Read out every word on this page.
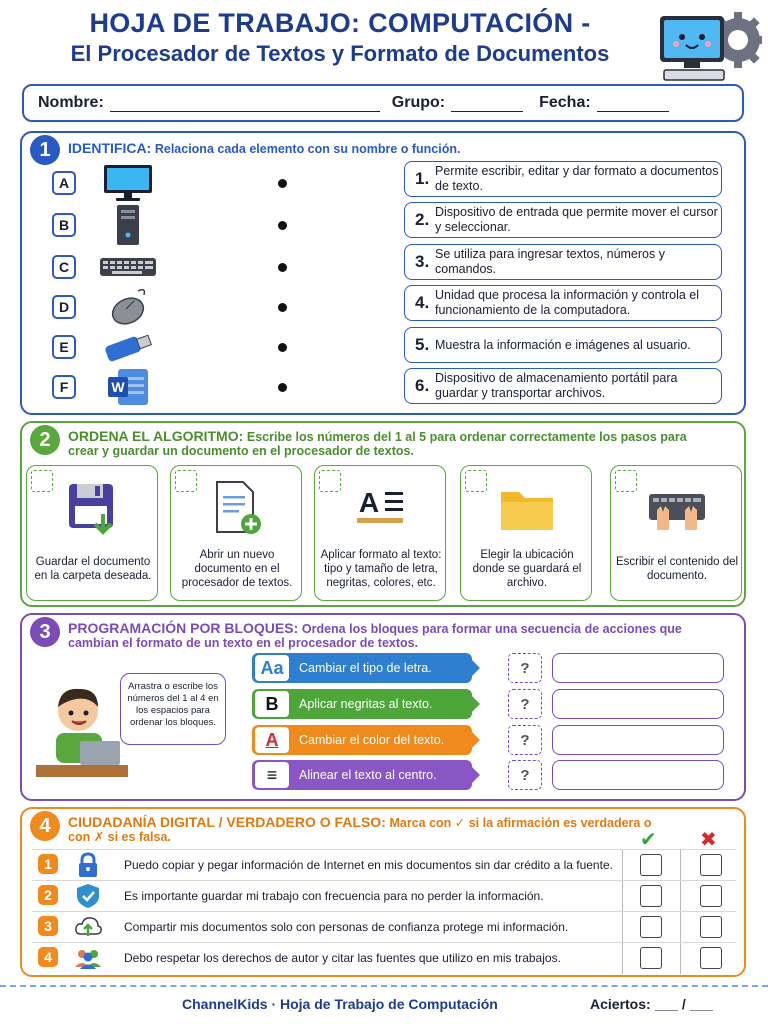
HOJA DE TRABAJO: COMPUTACIÓN -
El Procesador de Textos y Formato de Documentos
Nombre:	Grupo:	Fecha:
1	IDENTIFICA: Relaciona cada elemento con su nombre o función.
A
B
C
D
E
F	W
1. Permite escribir, editar y dar formato a documentos de texto.
2. Dispositivo de entrada que permite mover el cursor y seleccionar.
3. Se utiliza para ingresar textos, números y comandos.
4. Unidad que procesa la información y controla el funcionamiento de la computadora.
5. Muestra la información e imágenes al usuario.
6. Dispositivo de almacenamiento portátil para guardar y transportar archivos.
2	ORDENA EL ALGORITMO: Escribe los números del 1 al 5 para ordenar correctamente los pasos para crear y guardar un documento en el procesador de textos.
Guardar el documento en la carpeta deseada.
Abrir un nuevo documento en el procesador de textos.
A
Aplicar formato al texto: tipo y tamaño de letra, negritas, colores, etc.
Elegir la ubicación donde se guardará el archivo.
Escribir el contenido del documento.
3	PROGRAMACIÓN POR BLOQUES: Ordena los bloques para formar una secuencia de acciones que cambian el formato de un texto en el procesador de textos.
Arrastra o escribe los números del 1 al 4 en los espacios para ordenar los bloques.
Aa	Cambiar el tipo de letra.
B	Aplicar negritas al texto.
A	Cambiar el color del texto.
≡	Alinear el texto al centro.
?
?
?
?
4	CIUDADANÍA DIGITAL / VERDADERO O FALSO: Marca con ✓ si la afirmación es verdadera o con ✗ si es falsa.	✔ ✖
1	Puedo copiar y pegar información de Internet en mis documentos sin dar crédito a la fuente.
2	Es importante guardar mi trabajo con frecuencia para no perder la información.
3	Compartir mis documentos solo con personas de confianza protege mi información.
4	Debo respetar los derechos de autor y citar las fuentes que utilizo en mis trabajos.
ChannelKids · Hoja de Trabajo de Computación	Aciertos: ___ / ___
